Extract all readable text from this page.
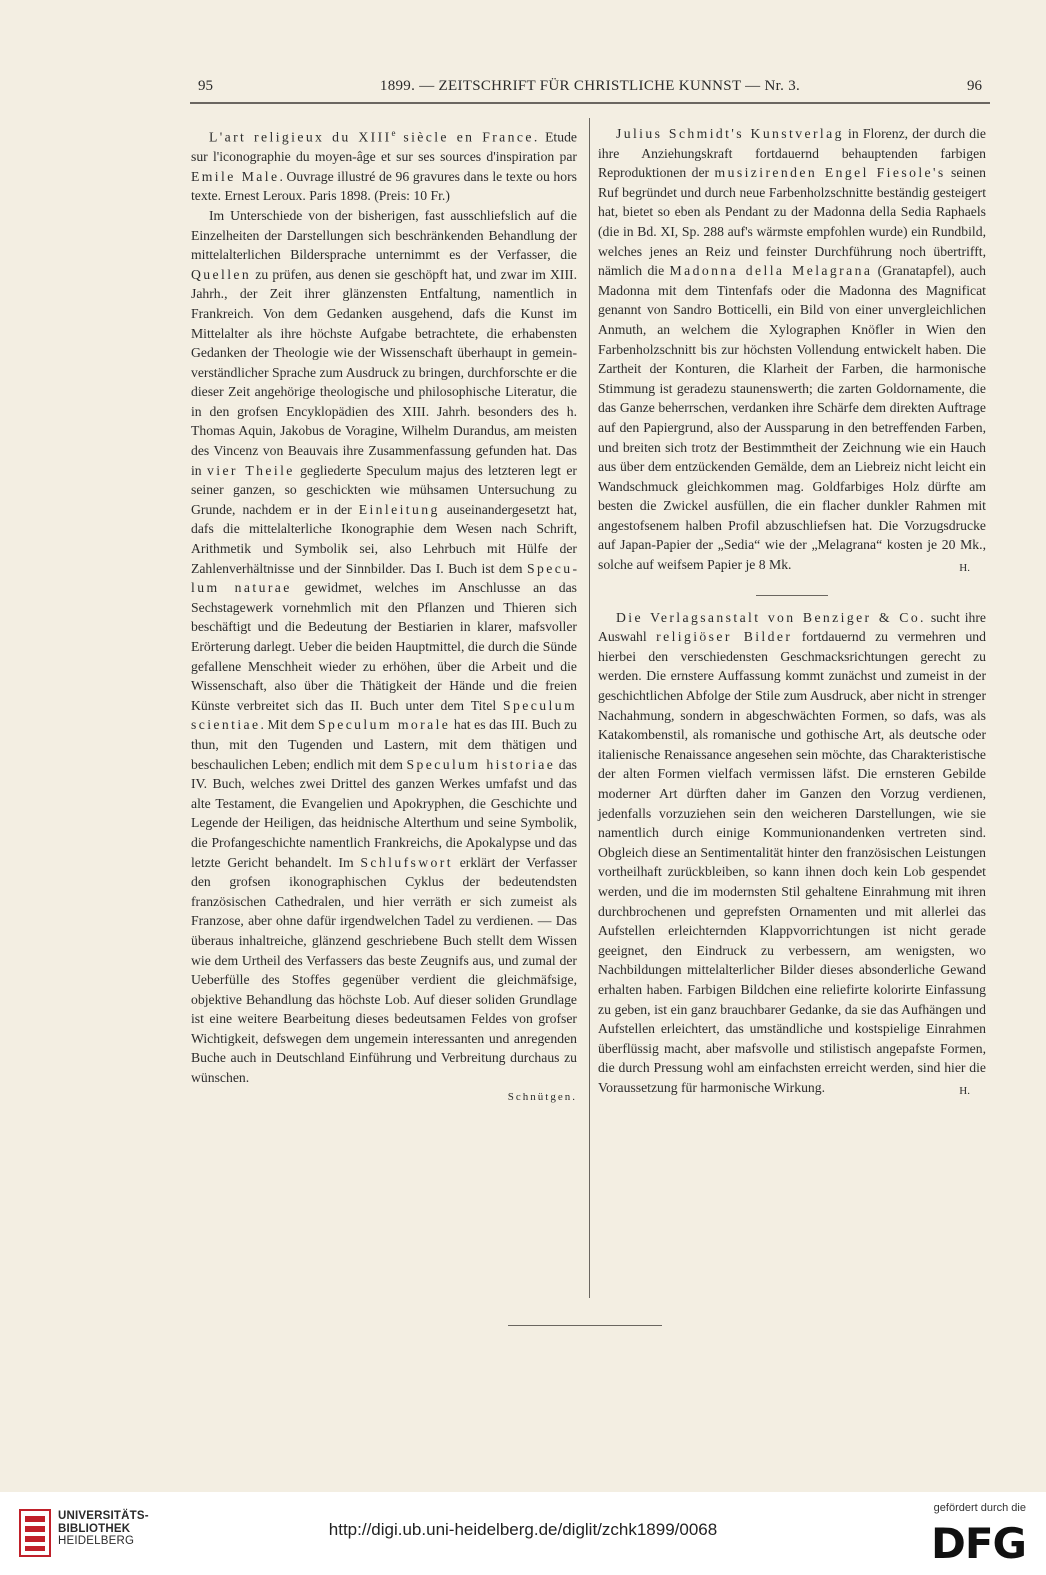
95	1899. — ZEITSCHRIFT FÜR CHRISTLICHE KUNNST — Nr. 3.	96

L'art religieux du XIIIe siècle en France. Etude sur l'iconographie du moyen-âge et sur ses sources d'inspiration par Emile Male. Ouvrage illustré de 96 gravures dans le texte ou hors texte. Ernest Leroux. Paris 1898. (Preis: 10 Fr.)

Im Unterschiede von der bisherigen, fast ausschliefslich auf die Einzelheiten der Darstellungen sich beschränkenden Behandlung der mittelalterlichen Bildersprache unternimmt es der Verfasser, die Quellen zu prüfen, aus denen sie geschöpft hat, und zwar im XIII. Jahrh., der Zeit ihrer glänzensten Entfaltung, namentlich in Frankreich. Von dem Gedanken ausgehend, dafs die Kunst im Mittelalter als ihre höchste Aufgabe betrachtete, die erhabensten Gedanken der Theologie wie der Wissenschaft überhaupt in gemeinverständlicher Sprache zum Ausdruck zu bringen, durchforschte er die dieser Zeit angehörige theologische und philosophische Literatur, die in den grofsen Encyklopädien des XIII. Jahrh. besonders des h. Thomas Aquin, Jakobus de Voragine, Wilhelm Durandus, am meisten des Vincenz von Beauvais ihre Zusammenfassung gefunden hat. Das in vier Theile gegliederte Speculum majus des letzteren legt er seiner ganzen, so geschickten wie mühsamen Untersuchung zu Grunde, nachdem er in der Einleitung auseinandergesetzt hat, dafs die mittelalterliche Ikonographie dem Wesen nach Schrift, Arithmetik und Symbolik sei, also Lehrbuch mit Hülfe der Zahlenverhältnisse und der Sinnbilder. Das I. Buch ist dem Speculum naturae gewidmet, welches im Anschlusse an das Sechstagewerk vornehmlich mit den Pflanzen und Thieren sich beschäftigt und die Bedeutung der Bestiarien in klarer, mafsvoller Erörterung darlegt. Ueber die beiden Hauptmittel, die durch die Sünde gefallene Menschheit wieder zu erhöhen, über die Arbeit und die Wissenschaft, also über die Thätigkeit der Hände und die freien Künste verbreitet sich das II. Buch unter dem Titel Speculum scientiae. Mit dem Speculum morale hat es das III. Buch zu thun, mit den Tugenden und Lastern, mit dem thätigen und beschaulichen Leben; endlich mit dem Speculum historiae das IV. Buch, welches zwei Drittel des ganzen Werkes umfafst und das alte Testament, die Evangelien und Apokryphen, die Geschichte und Legende der Heiligen, das heidnische Alterthum und seine Symbolik, die Profangeschichte namentlich Frankreichs, die Apokalypse und das letzte Gericht behandelt. Im Schlufswort erklärt der Verfasser den grofsen ikonographischen Cyklus der bedeutendsten französischen Cathedralen, und hier verräth er sich zumeist als Franzose, aber ohne dafür irgendwelchen Tadel zu verdienen. — Das überaus inhaltreiche, glänzend geschriebene Buch stellt dem Wissen wie dem Urtheil des Verfassers das beste Zeugnifs aus, und zumal der Ueberfülle des Stoffes gegenüber verdient die gleichmäfsige, objektive Behandlung das höchste Lob. Auf dieser soliden Grundlage ist eine weitere Bearbeitung dieses bedeutsamen Feldes von grofser Wichtigkeit, defswegen dem ungemein interessanten und anregenden Buche auch in Deutschland Einführung und Verbreitung durchaus zu wünschen.

Schnütgen.

Julius Schmidt's Kunstverlag in Florenz, der durch die ihre Anziehungskraft fortdauernd behauptenden farbigen Reproduktionen der musizirenden Engel Fiesole's seinen Ruf begründet und durch neue Farbenholzschnitte beständig gesteigert hat, bietet so eben als Pendant zu der Madonna della Sedia Raphaels (die in Bd. XI, Sp. 288 auf's wärmste empfohlen wurde) ein Rundbild, welches jenes an Reiz und feinster Durchführung noch übertrifft, nämlich die Madonna della Melagrana (Granatapfel), auch Madonna mit dem Tintenfafs oder die Madonna des Magnificat genannt von Sandro Botticelli, ein Bild von einer unvergleichlichen Anmuth, an welchem die Xylographen Knöfler in Wien den Farbenholzschnitt bis zur höchsten Vollendung entwickelt haben. Die Zartheit der Konturen, die Klarheit der Farben, die harmonische Stimmung ist geradezu staunenswerth; die zarten Goldornamente, die das Ganze beherrschen, verdanken ihre Schärfe dem direkten Auftrage auf den Papiergrund, also der Aussparung in den betreffenden Farben, und breiten sich trotz der Bestimmtheit der Zeichnung wie ein Hauch aus über dem entzückenden Gemälde, dem an Liebreiz nicht leicht ein Wandschmuck gleichkommen mag. Goldfarbiges Holz dürfte am besten die Zwickel ausfüllen, die ein flacher dunkler Rahmen mit angestofsenem halben Profil abzuschliefsen hat. Die Vorzugsdrucke auf Japan-Papier der „Sedia“ wie der „Melagrana“ kosten je 20 Mk., solche auf weifsem Papier je 8 Mk.	H.

Die Verlagsanstalt von Benziger & Co. sucht ihre Auswahl religiöser Bilder fortdauernd zu vermehren und hierbei den verschiedensten Geschmacksrichtungen gerecht zu werden. Die ernstere Auffassung kommt zunächst und zumeist in der geschichtlichen Abfolge der Stile zum Ausdruck, aber nicht in strenger Nachahmung, sondern in abgeschwächten Formen, so dafs, was als Katakombenstil, als romanische und gothische Art, als deutsche oder italienische Renaissance angesehen sein möchte, das Charakteristische der alten Formen vielfach vermissen läfst. Die ernsteren Gebilde moderner Art dürften daher im Ganzen den Vorzug verdienen, jedenfalls vorzuziehen sein den weicheren Darstellungen, wie sie namentlich durch einige Kommunionandenken vertreten sind. Obgleich diese an Sentimentalität hinter den französischen Leistungen vortheilhaft zurückbleiben, so kann ihnen doch kein Lob gespendet werden, und die im modernsten Stil gehaltene Einrahmung mit ihren durchbrochenen und geprefsten Ornamenten und mit allerlei das Aufstellen erleichternden Klappvorrichtungen ist nicht gerade geeignet, den Eindruck zu verbessern, am wenigsten, wo Nachbildungen mittelalterlicher Bilder dieses absonderliche Gewand erhalten haben. Farbigen Bildchen eine reliefirte kolorirte Einfassung zu geben, ist ein ganz brauchbarer Gedanke, da sie das Aufhängen und Aufstellen erleichtert, das umständliche und kostspielige Einrahmen überflüssig macht, aber mafsvolle und stilistisch angepafste Formen, die durch Pressung wohl am einfachsten erreicht werden, sind hier die Voraussetzung für harmonische Wirkung.	H.

UNIVERSITÄTS-
BIBLIOTHEK
HEIDELBERG
http://digi.ub.uni-heidelberg.de/diglit/zchk1899/0068
gefördert durch die
DFG
